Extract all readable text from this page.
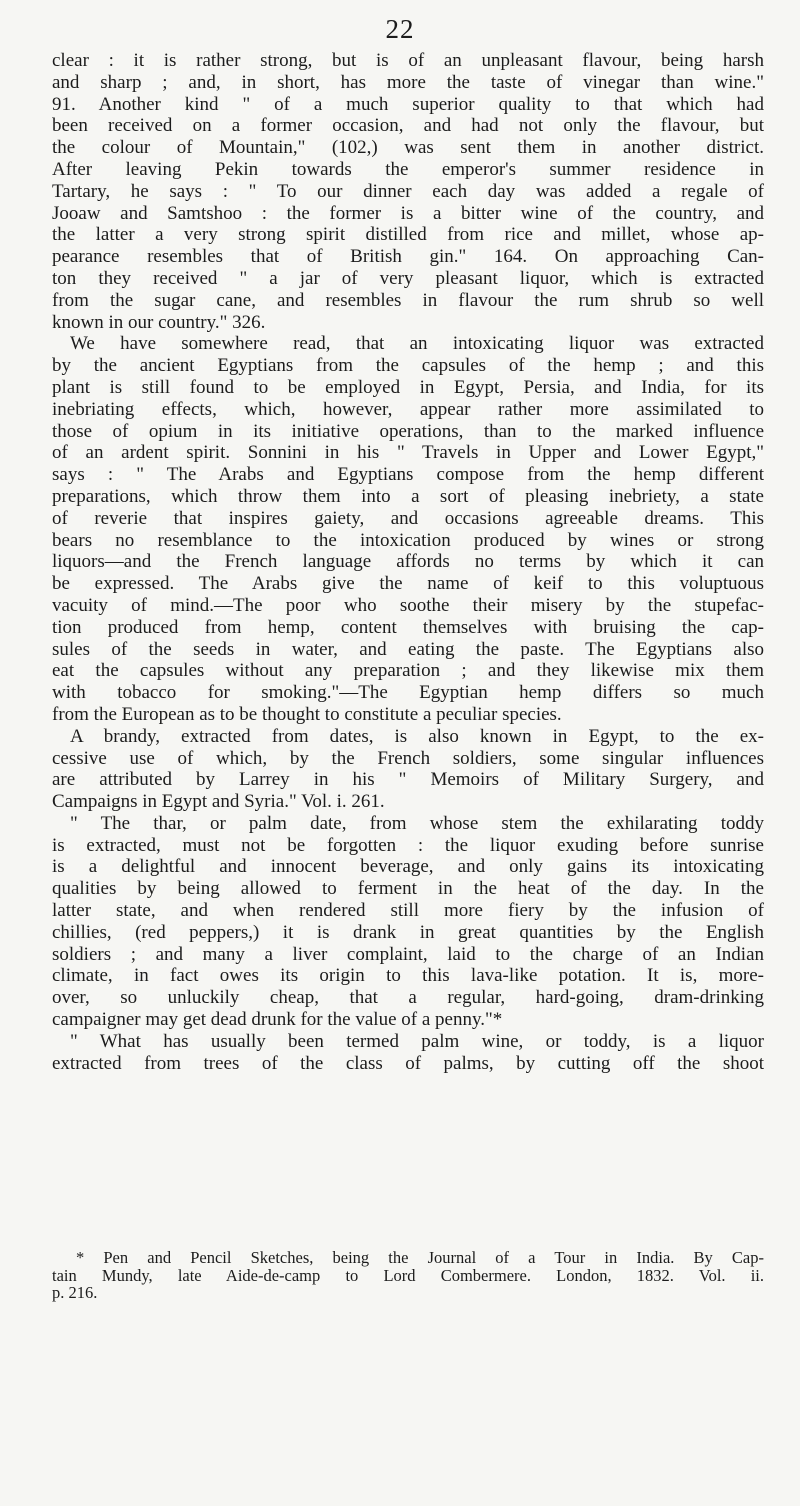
22
clear : it is rather strong, but is of an unpleasant flavour, being harsh
and sharp ; and, in short, has more the taste of vinegar than wine."
91. Another kind " of a much superior quality to that which had
been received on a former occasion, and had not only the flavour, but
the colour of Mountain," (102,) was sent them in another district.
After leaving Pekin towards the emperor's summer residence in
Tartary, he says : " To our dinner each day was added a regale of
Jooaw and Samtshoo : the former is a bitter wine of the country, and
the latter a very strong spirit distilled from rice and millet, whose ap-
pearance resembles that of British gin." 164. On approaching Can-
ton they received " a jar of very pleasant liquor, which is extracted
from the sugar cane, and resembles in flavour the rum shrub so well
known in our country." 326.
We have somewhere read, that an intoxicating liquor was extracted
by the ancient Egyptians from the capsules of the hemp ; and this
plant is still found to be employed in Egypt, Persia, and India, for its
inebriating effects, which, however, appear rather more assimilated to
those of opium in its initiative operations, than to the marked influence
of an ardent spirit. Sonnini in his " Travels in Upper and Lower Egypt,"
says : " The Arabs and Egyptians compose from the hemp different
preparations, which throw them into a sort of pleasing inebriety, a state
of reverie that inspires gaiety, and occasions agreeable dreams. This
bears no resemblance to the intoxication produced by wines or strong
liquors—and the French language affords no terms by which it can
be expressed. The Arabs give the name of keif to this voluptuous
vacuity of mind.—The poor who soothe their misery by the stupefac-
tion produced from hemp, content themselves with bruising the cap-
sules of the seeds in water, and eating the paste. The Egyptians also
eat the capsules without any preparation ; and they likewise mix them
with tobacco for smoking."—The Egyptian hemp differs so much
from the European as to be thought to constitute a peculiar species.
A brandy, extracted from dates, is also known in Egypt, to the ex-
cessive use of which, by the French soldiers, some singular influences
are attributed by Larrey in his " Memoirs of Military Surgery, and
Campaigns in Egypt and Syria." Vol. i. 261.
" The thar, or palm date, from whose stem the exhilarating toddy
is extracted, must not be forgotten : the liquor exuding before sunrise
is a delightful and innocent beverage, and only gains its intoxicating
qualities by being allowed to ferment in the heat of the day. In the
latter state, and when rendered still more fiery by the infusion of
chillies, (red peppers,) it is drank in great quantities by the English
soldiers ; and many a liver complaint, laid to the charge of an Indian
climate, in fact owes its origin to this lava-like potation. It is, more-
over, so unluckily cheap, that a regular, hard-going, dram-drinking
campaigner may get dead drunk for the value of a penny."*
" What has usually been termed palm wine, or toddy, is a liquor
extracted from trees of the class of palms, by cutting off the shoot
* Pen and Pencil Sketches, being the Journal of a Tour in India. By Cap-
tain Mundy, late Aide-de-camp to Lord Combermere. London, 1832. Vol. ii.
p. 216.
